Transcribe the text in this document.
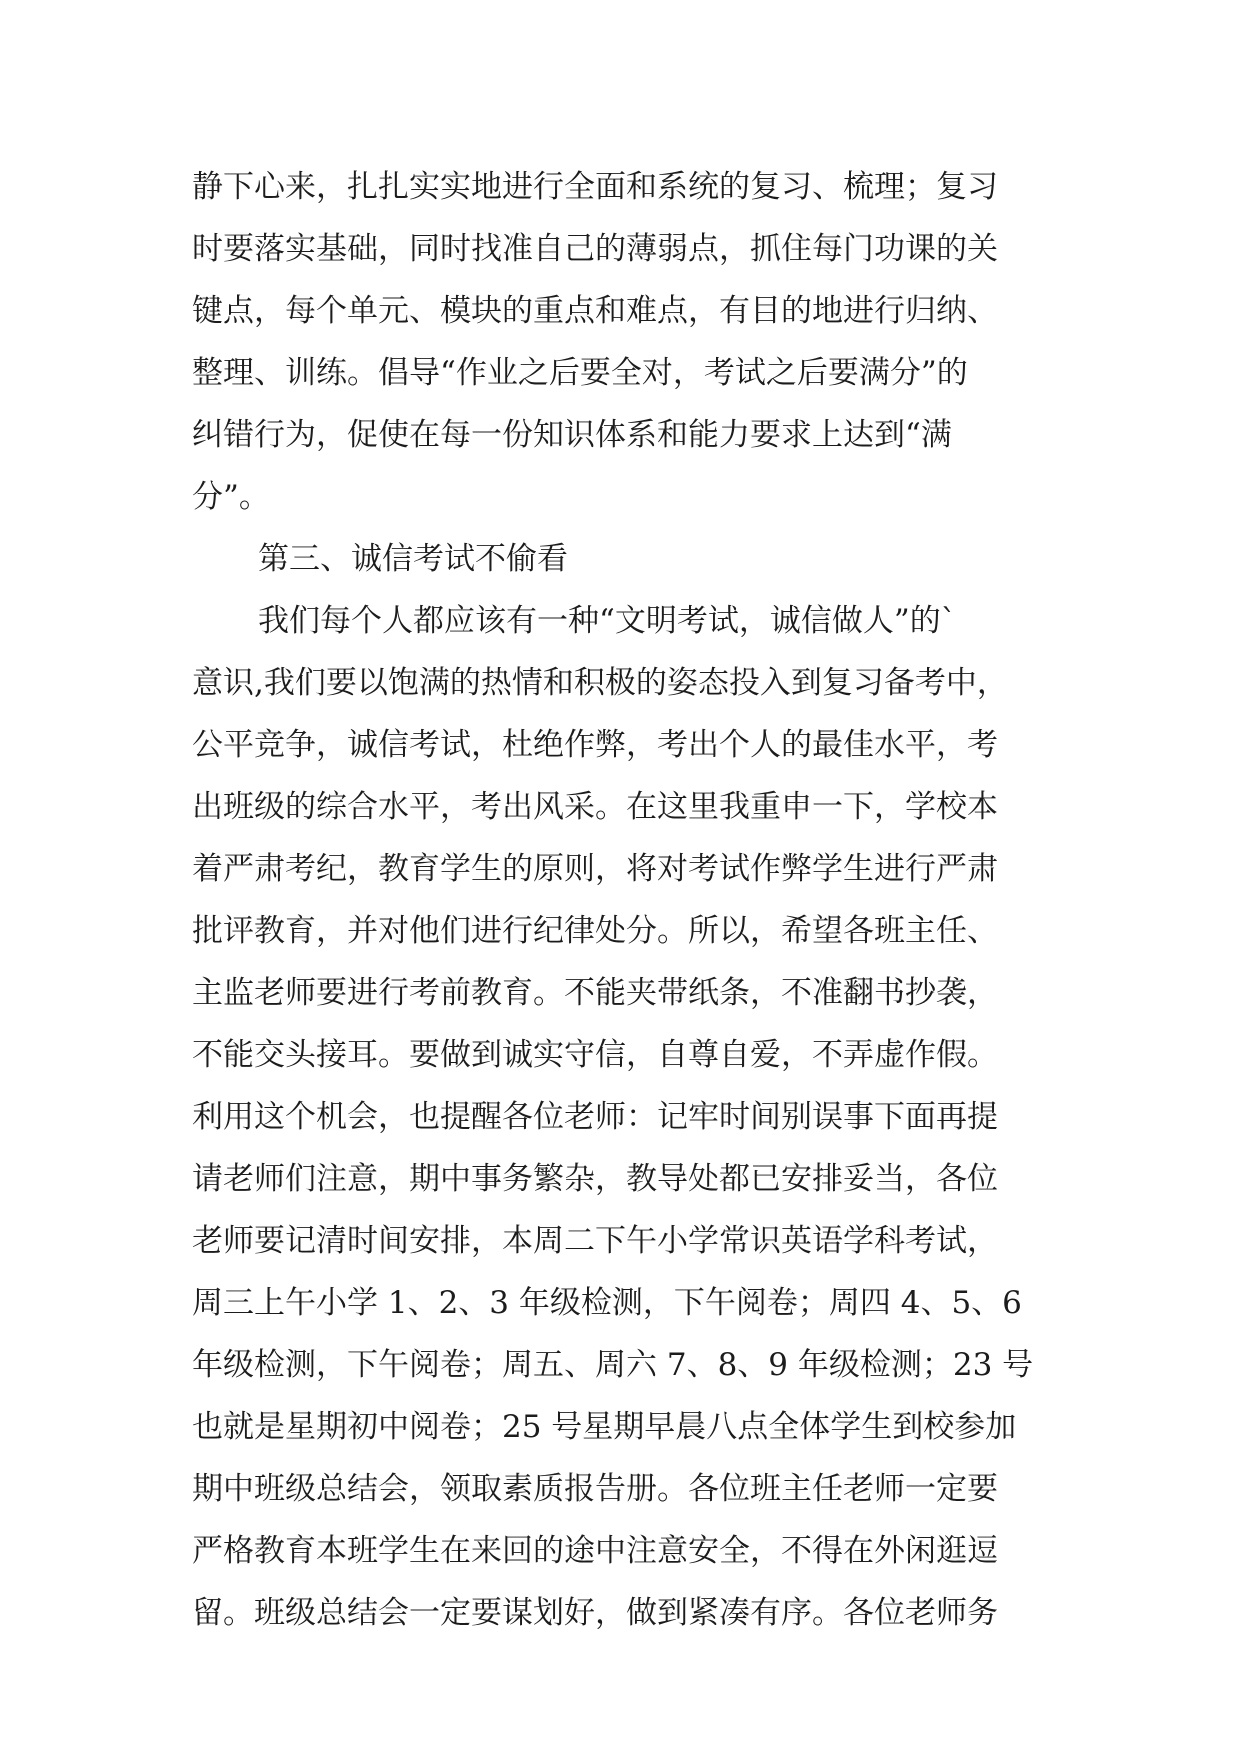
静下心来，扎扎实实地进行全面和系统的复习、梳理；复习
时要落实基础，同时找准自己的薄弱点，抓住每门功课的关
键点，每个单元、模块的重点和难点，有目的地进行归纳、
整理、训练。倡导“作业之后要全对，考试之后要满分”的
纠错行为，促使在每一份知识体系和能力要求上达到“满
分”。
第三、诚信考试不偷看
我们每个人都应该有一种“文明考试，诚信做人”的`
意识,我们要以饱满的热情和积极的姿态投入到复习备考中，
公平竞争，诚信考试，杜绝作弊，考出个人的最佳水平，考
出班级的综合水平，考出风采。在这里我重申一下，学校本
着严肃考纪，教育学生的原则，将对考试作弊学生进行严肃
批评教育，并对他们进行纪律处分。所以，希望各班主任、
主监老师要进行考前教育。不能夹带纸条，不准翻书抄袭，
不能交头接耳。要做到诚实守信，自尊自爱，不弄虚作假。
利用这个机会，也提醒各位老师：记牢时间别误事下面再提
请老师们注意，期中事务繁杂，教导处都已安排妥当，各位
老师要记清时间安排，本周二下午小学常识英语学科考试，
周三上午小学 1、2、3 年级检测，下午阅卷；周四 4、5、6
年级检测，下午阅卷；周五、周六 7、8、9 年级检测；23 号
也就是星期初中阅卷；25 号星期早晨八点全体学生到校参加
期中班级总结会，领取素质报告册。各位班主任老师一定要
严格教育本班学生在来回的途中注意安全，不得在外闲逛逗
留。班级总结会一定要谋划好，做到紧凑有序。各位老师务
